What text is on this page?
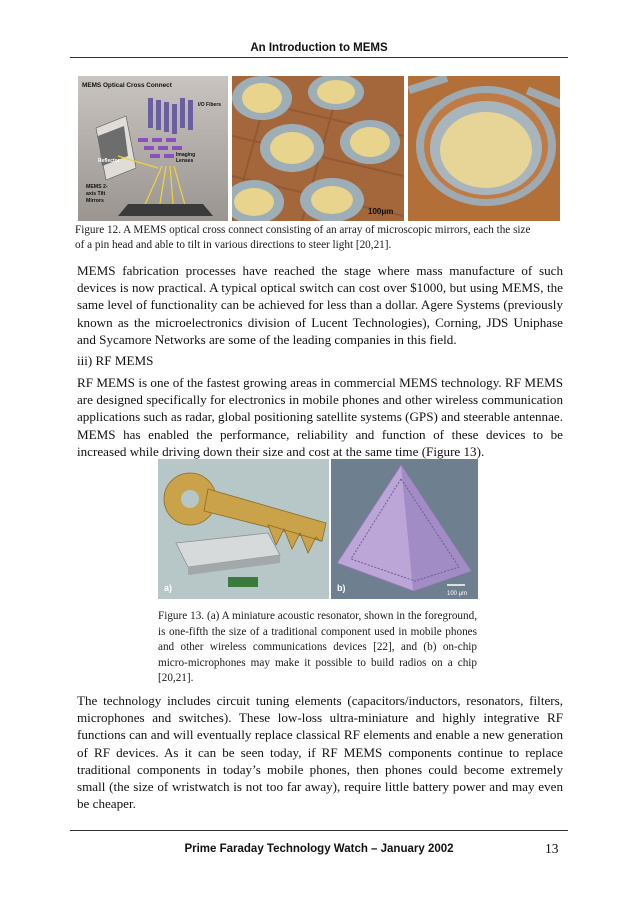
An Introduction to MEMS
MEMS Optical Cross Connect
I/O Fibers
Imaging
Lenses
Reflector
MEMS 2-
axis Tilt
Mirrors
100μm
Figure 12. A MEMS optical cross connect consisting of an array of microscopic mirrors, each the size
of a pin head and able to tilt in various directions to steer light [20,21].

MEMS fabrication processes have reached the stage where mass manufacture of such devices is now practical. A typical optical switch can cost over $1000, but using MEMS, the same level of functionality can be achieved for less than a dollar. Agere Systems (previously known as the microelectronics division of Lucent Technologies), Corning, JDS Uniphase and Sycamore Networks are some of the leading companies in this field.

iii) RF MEMS

RF MEMS is one of the fastest growing areas in commercial MEMS technology. RF MEMS are designed specifically for electronics in mobile phones and other wireless communication applications such as radar, global positioning satellite systems (GPS) and steerable antennae. MEMS has enabled the performance, reliability and function of these devices to be increased while driving down their size and cost at the same time (Figure 13).

a)	b)
100 μm
Figure 13. (a) A miniature acoustic resonator, shown in the foreground, is one-fifth the size of a traditional component used in mobile phones and other wireless communications devices [22], and (b) on-chip micro-microphones may make it possible to build radios on a chip [20,21].

The technology includes circuit tuning elements (capacitors/inductors, resonators, filters, microphones and switches). These low-loss ultra-miniature and highly integrative RF functions can and will eventually replace classical RF elements and enable a new generation of RF devices. As it can be seen today, if RF MEMS components continue to replace traditional components in today’s mobile phones, then phones could become extremely small (the size of wristwatch is not too far away), require little battery power and may even be cheaper.

Prime Faraday Technology Watch – January 2002	13
